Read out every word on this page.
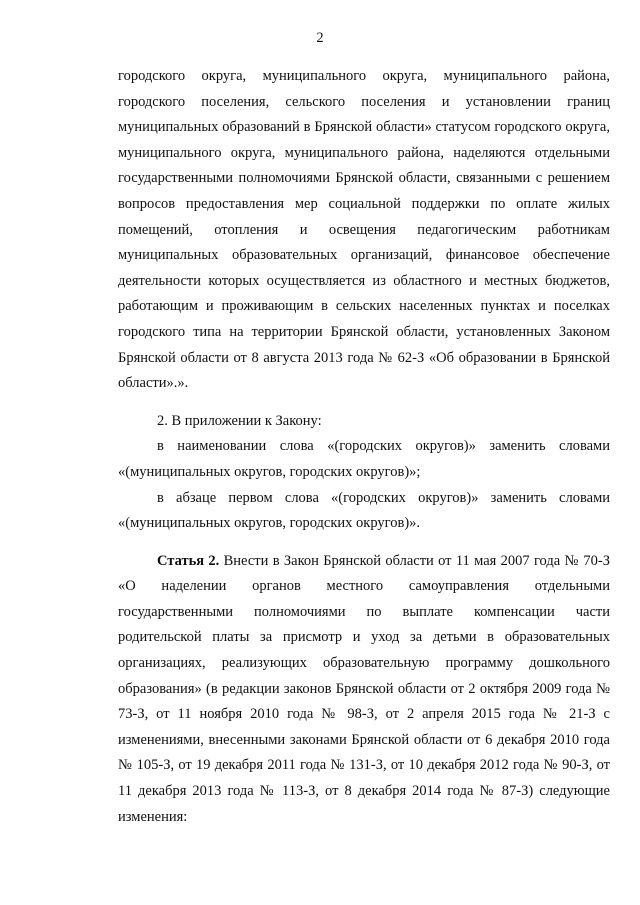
2

городского округа, муниципального округа, муниципального района, городского поселения, сельского поселения и установлении границ муниципальных образований в Брянской области» статусом городского округа, муниципального округа, муниципального района, наделяются отдельными государственными полномочиями Брянской области, связанными с решением вопросов предоставления мер социальной поддержки по оплате жилых помещений, отопления и освещения педагогическим работникам муниципальных образовательных организаций, финансовое обеспечение деятельности которых осуществляется из областного и местных бюджетов, работающим и проживающим в сельских населенных пунктах и поселках городского типа на территории Брянской области, установленных Законом Брянской области от 8 августа 2013 года № 62-З «Об образовании в Брянской области».».

2. В приложении к Закону:

в наименовании слова «(городских округов)» заменить словами «(муниципальных округов, городских округов)»;

в абзаце первом слова «(городских округов)» заменить словами «(муниципальных округов, городских округов)».

Статья 2. Внести в Закон Брянской области от 11 мая 2007 года № 70-З «О наделении органов местного самоуправления отдельными государственными полномочиями по выплате компенсации части родительской платы за присмотр и уход за детьми в образовательных организациях, реализующих образовательную программу дошкольного образования» (в редакции законов Брянской области от 2 октября 2009 года № 73-З, от 11 ноября 2010 года № 98-З, от 2 апреля 2015 года № 21-З с изменениями, внесенными законами Брянской области от 6 декабря 2010 года № 105-З, от 19 декабря 2011 года № 131-З, от 10 декабря 2012 года № 90-З, от 11 декабря 2013 года № 113-З, от 8 декабря 2014 года № 87-З) следующие изменения:
